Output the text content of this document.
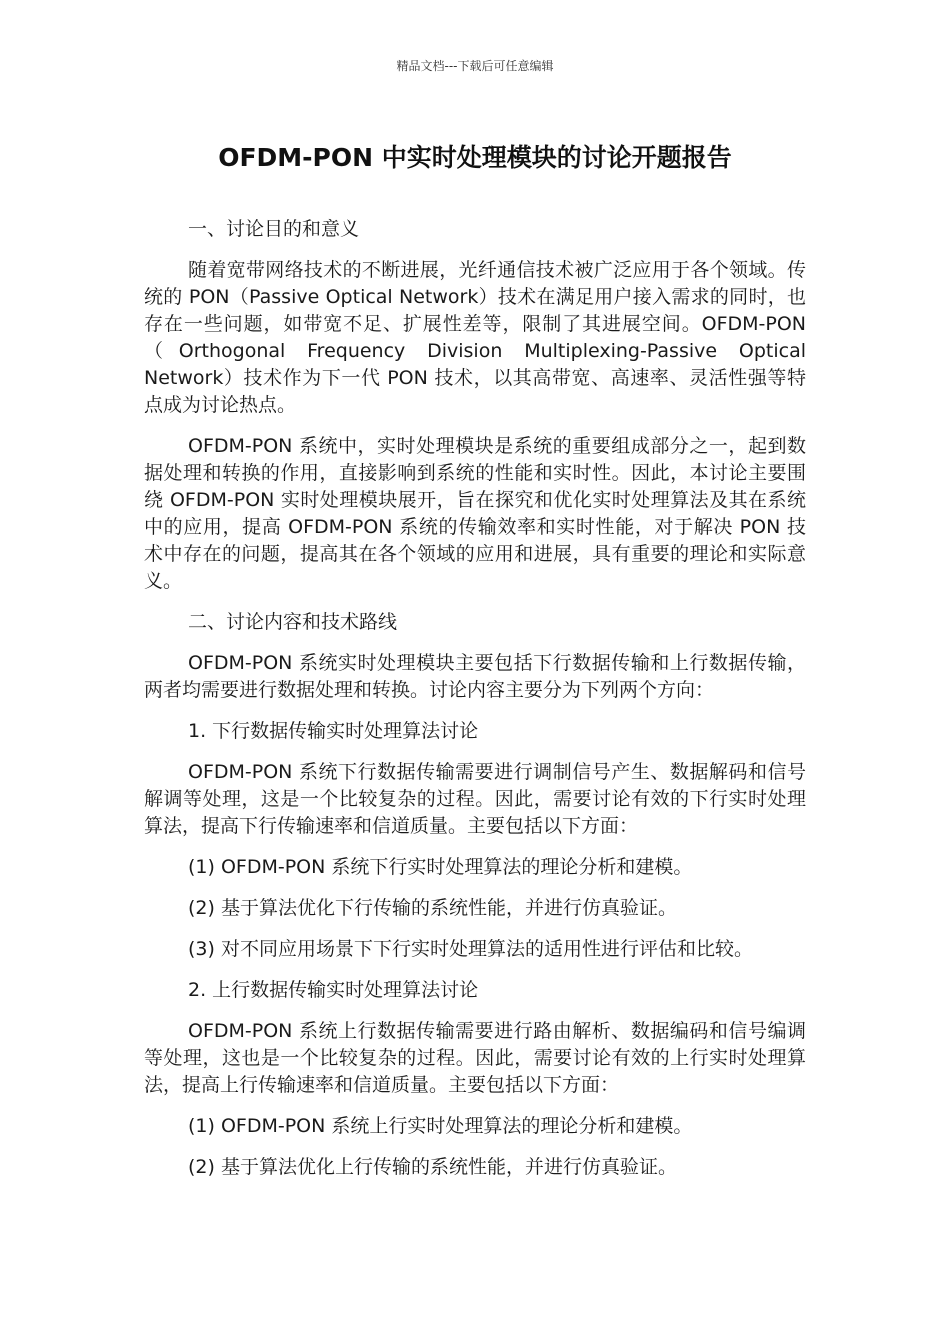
精品文档---下载后可任意编辑
OFDM-PON 中实时处理模块的讨论开题报告
一、讨论目的和意义
随着宽带网络技术的不断进展，光纤通信技术被广泛应用于各个领域。传统的 PON（Passive Optical Network）技术在满足用户接入需求的同时，也存在一些问题，如带宽不足、扩展性差等，限制了其进展空间。OFDM-PON（Orthogonal Frequency Division Multiplexing-Passive Optical Network）技术作为下一代 PON 技术，以其高带宽、高速率、灵活性强等特点成为讨论热点。
OFDM-PON 系统中，实时处理模块是系统的重要组成部分之一，起到数据处理和转换的作用，直接影响到系统的性能和实时性。因此，本讨论主要围绕 OFDM-PON 实时处理模块展开，旨在探究和优化实时处理算法及其在系统中的应用，提高 OFDM-PON 系统的传输效率和实时性能，对于解决 PON 技术中存在的问题，提高其在各个领域的应用和进展，具有重要的理论和实际意义。
二、讨论内容和技术路线
OFDM-PON 系统实时处理模块主要包括下行数据传输和上行数据传输，两者均需要进行数据处理和转换。讨论内容主要分为下列两个方向：
1. 下行数据传输实时处理算法讨论
OFDM-PON 系统下行数据传输需要进行调制信号产生、数据解码和信号解调等处理，这是一个比较复杂的过程。因此，需要讨论有效的下行实时处理算法，提高下行传输速率和信道质量。主要包括以下方面：
(1) OFDM-PON 系统下行实时处理算法的理论分析和建模。
(2) 基于算法优化下行传输的系统性能，并进行仿真验证。
(3) 对不同应用场景下下行实时处理算法的适用性进行评估和比较。
2. 上行数据传输实时处理算法讨论
OFDM-PON 系统上行数据传输需要进行路由解析、数据编码和信号编调等处理，这也是一个比较复杂的过程。因此，需要讨论有效的上行实时处理算法，提高上行传输速率和信道质量。主要包括以下方面：
(1) OFDM-PON 系统上行实时处理算法的理论分析和建模。
(2) 基于算法优化上行传输的系统性能，并进行仿真验证。
